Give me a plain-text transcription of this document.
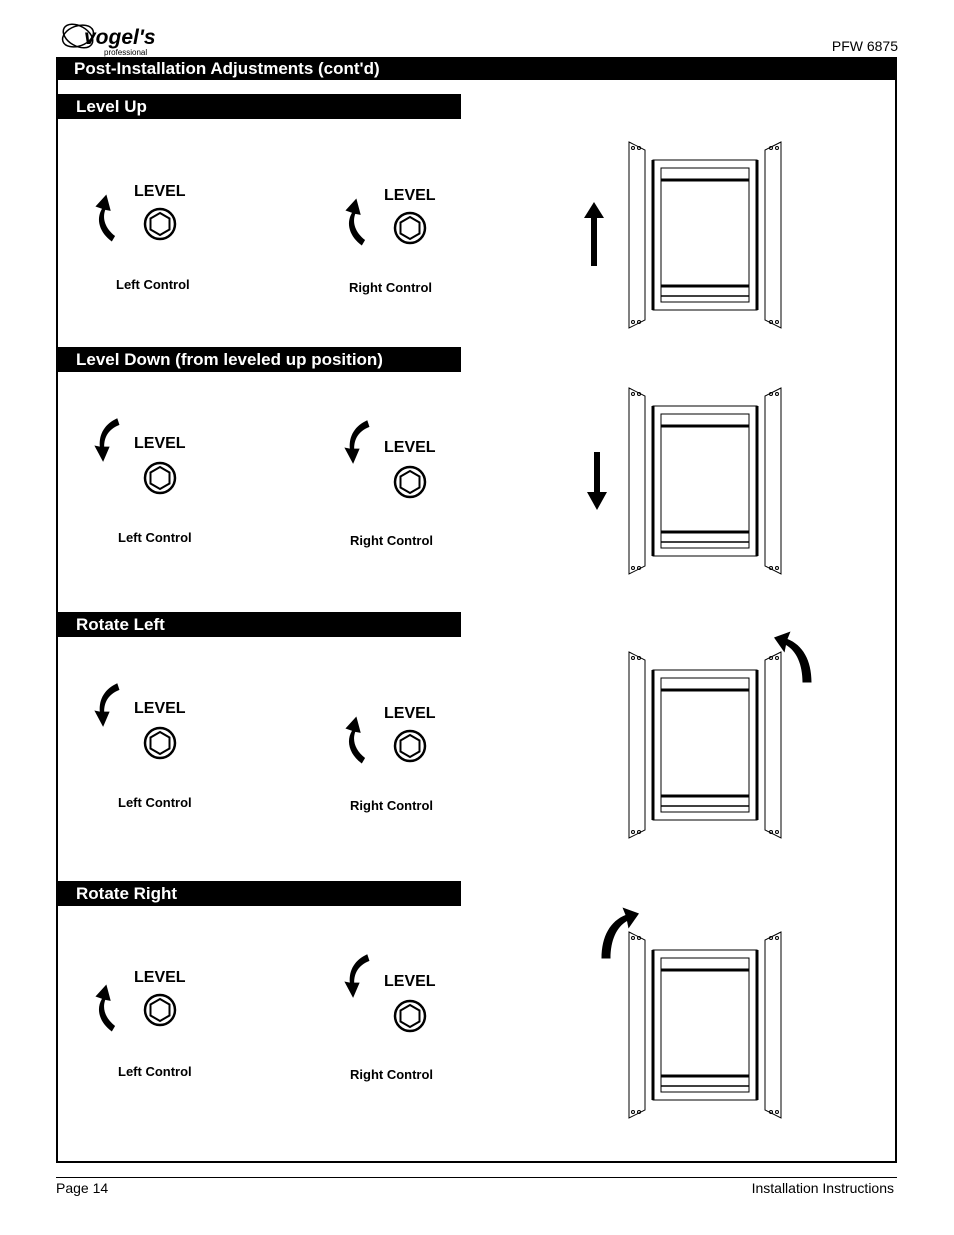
vogel's
professional	PFW 6875
Post-Installation Adjustments (cont'd)
Level Up
LEVEL
Left Control
LEVEL
Right Control
Level Down (from leveled up position)
LEVEL
Left Control
LEVEL
Right Control
Rotate Left
LEVEL
Left Control
LEVEL
Right Control
Rotate Right
LEVEL
Left Control
LEVEL
Right Control
Page 14	Installation Instructions
